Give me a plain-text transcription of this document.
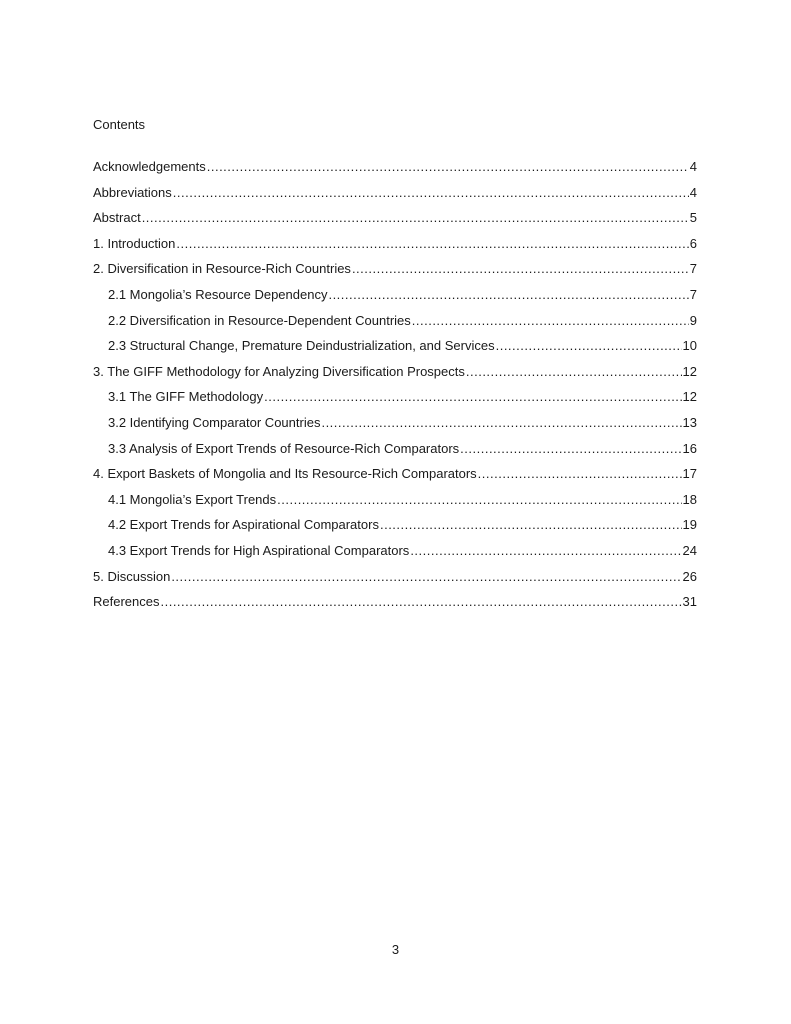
Contents
Acknowledgements .....	4
Abbreviations .....	4
Abstract .....	5
1. Introduction .....	6
2. Diversification in Resource-Rich Countries .....	7
2.1 Mongolia’s Resource Dependency .....	7
2.2 Diversification in Resource-Dependent Countries .....	9
2.3 Structural Change, Premature Deindustrialization, and Services .....	10
3. The GIFF Methodology for Analyzing Diversification Prospects .....	12
3.1 The GIFF Methodology .....	12
3.2 Identifying Comparator Countries .....	13
3.3 Analysis of Export Trends of Resource-Rich Comparators .....	16
4. Export Baskets of Mongolia and Its Resource-Rich Comparators .....	17
4.1 Mongolia’s Export Trends .....	18
4.2 Export Trends for Aspirational Comparators .....	19
4.3 Export Trends for High Aspirational Comparators .....	24
5. Discussion .....	26
References .....	31
3
